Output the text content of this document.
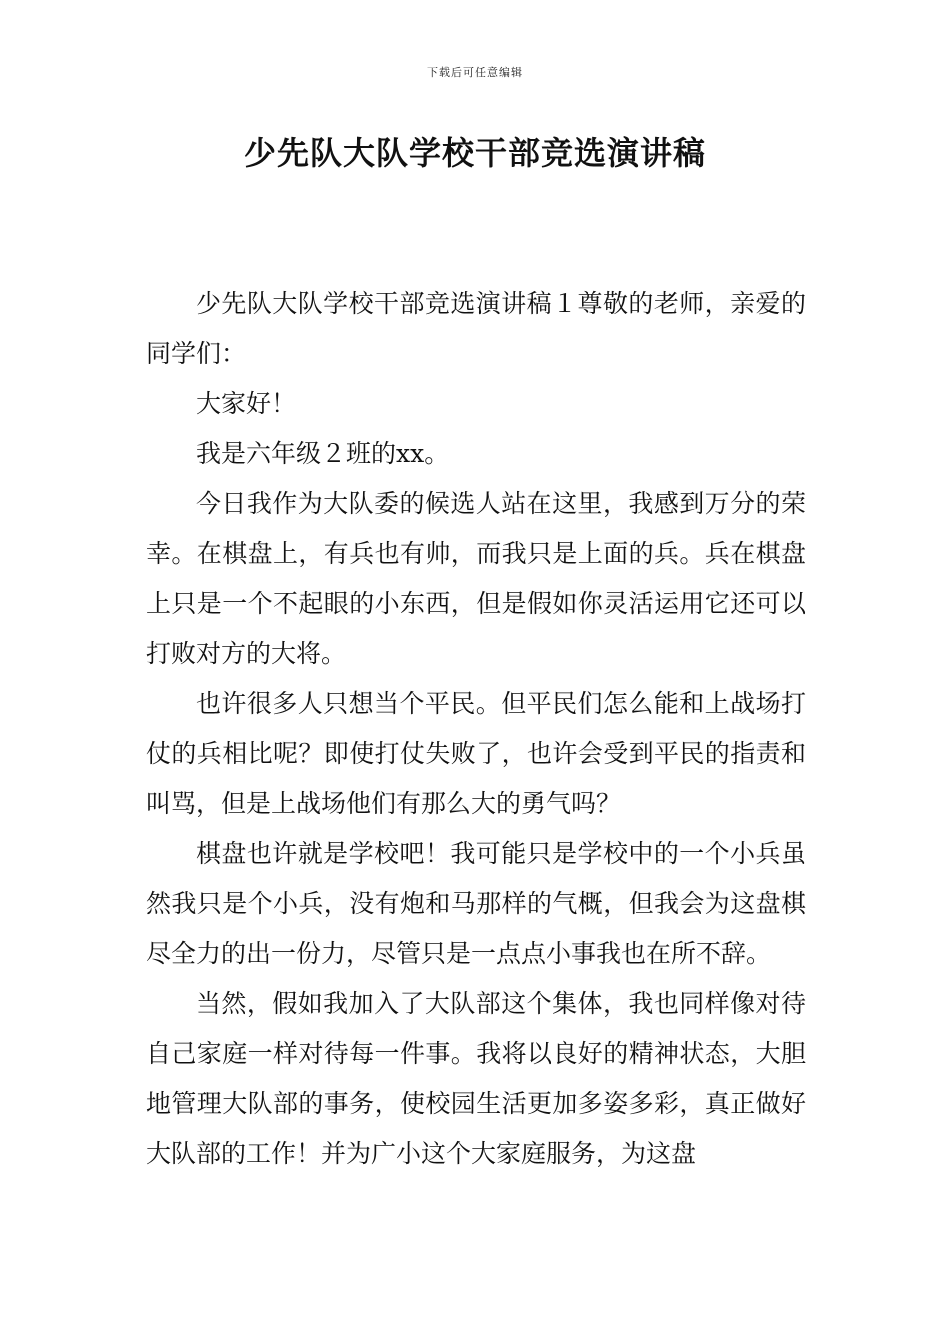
下载后可任意编辑
少先队大队学校干部竞选演讲稿

少先队大队学校干部竞选演讲稿１尊敬的老师，亲爱的同学们：

大家好！

我是六年级２班的xx。

今日我作为大队委的候选人站在这里，我感到万分的荣幸。在棋盘上，有兵也有帅，而我只是上面的兵。兵在棋盘上只是一个不起眼的小东西，但是假如你灵活运用它还可以打败对方的大将。

也许很多人只想当个平民。但平民们怎么能和上战场打仗的兵相比呢？即使打仗失败了，也许会受到平民的指责和叫骂，但是上战场他们有那么大的勇气吗？

棋盘也许就是学校吧！我可能只是学校中的一个小兵虽然我只是个小兵，没有炮和马那样的气概，但我会为这盘棋尽全力的出一份力，尽管只是一点点小事我也在所不辞。

当然，假如我加入了大队部这个集体，我也同样像对待自己家庭一样对待每一件事。我将以良好的精神状态，大胆地管理大队部的事务，使校园生活更加多姿多彩，真正做好大队部的工作！并为广小这个大家庭服务，为这盘
